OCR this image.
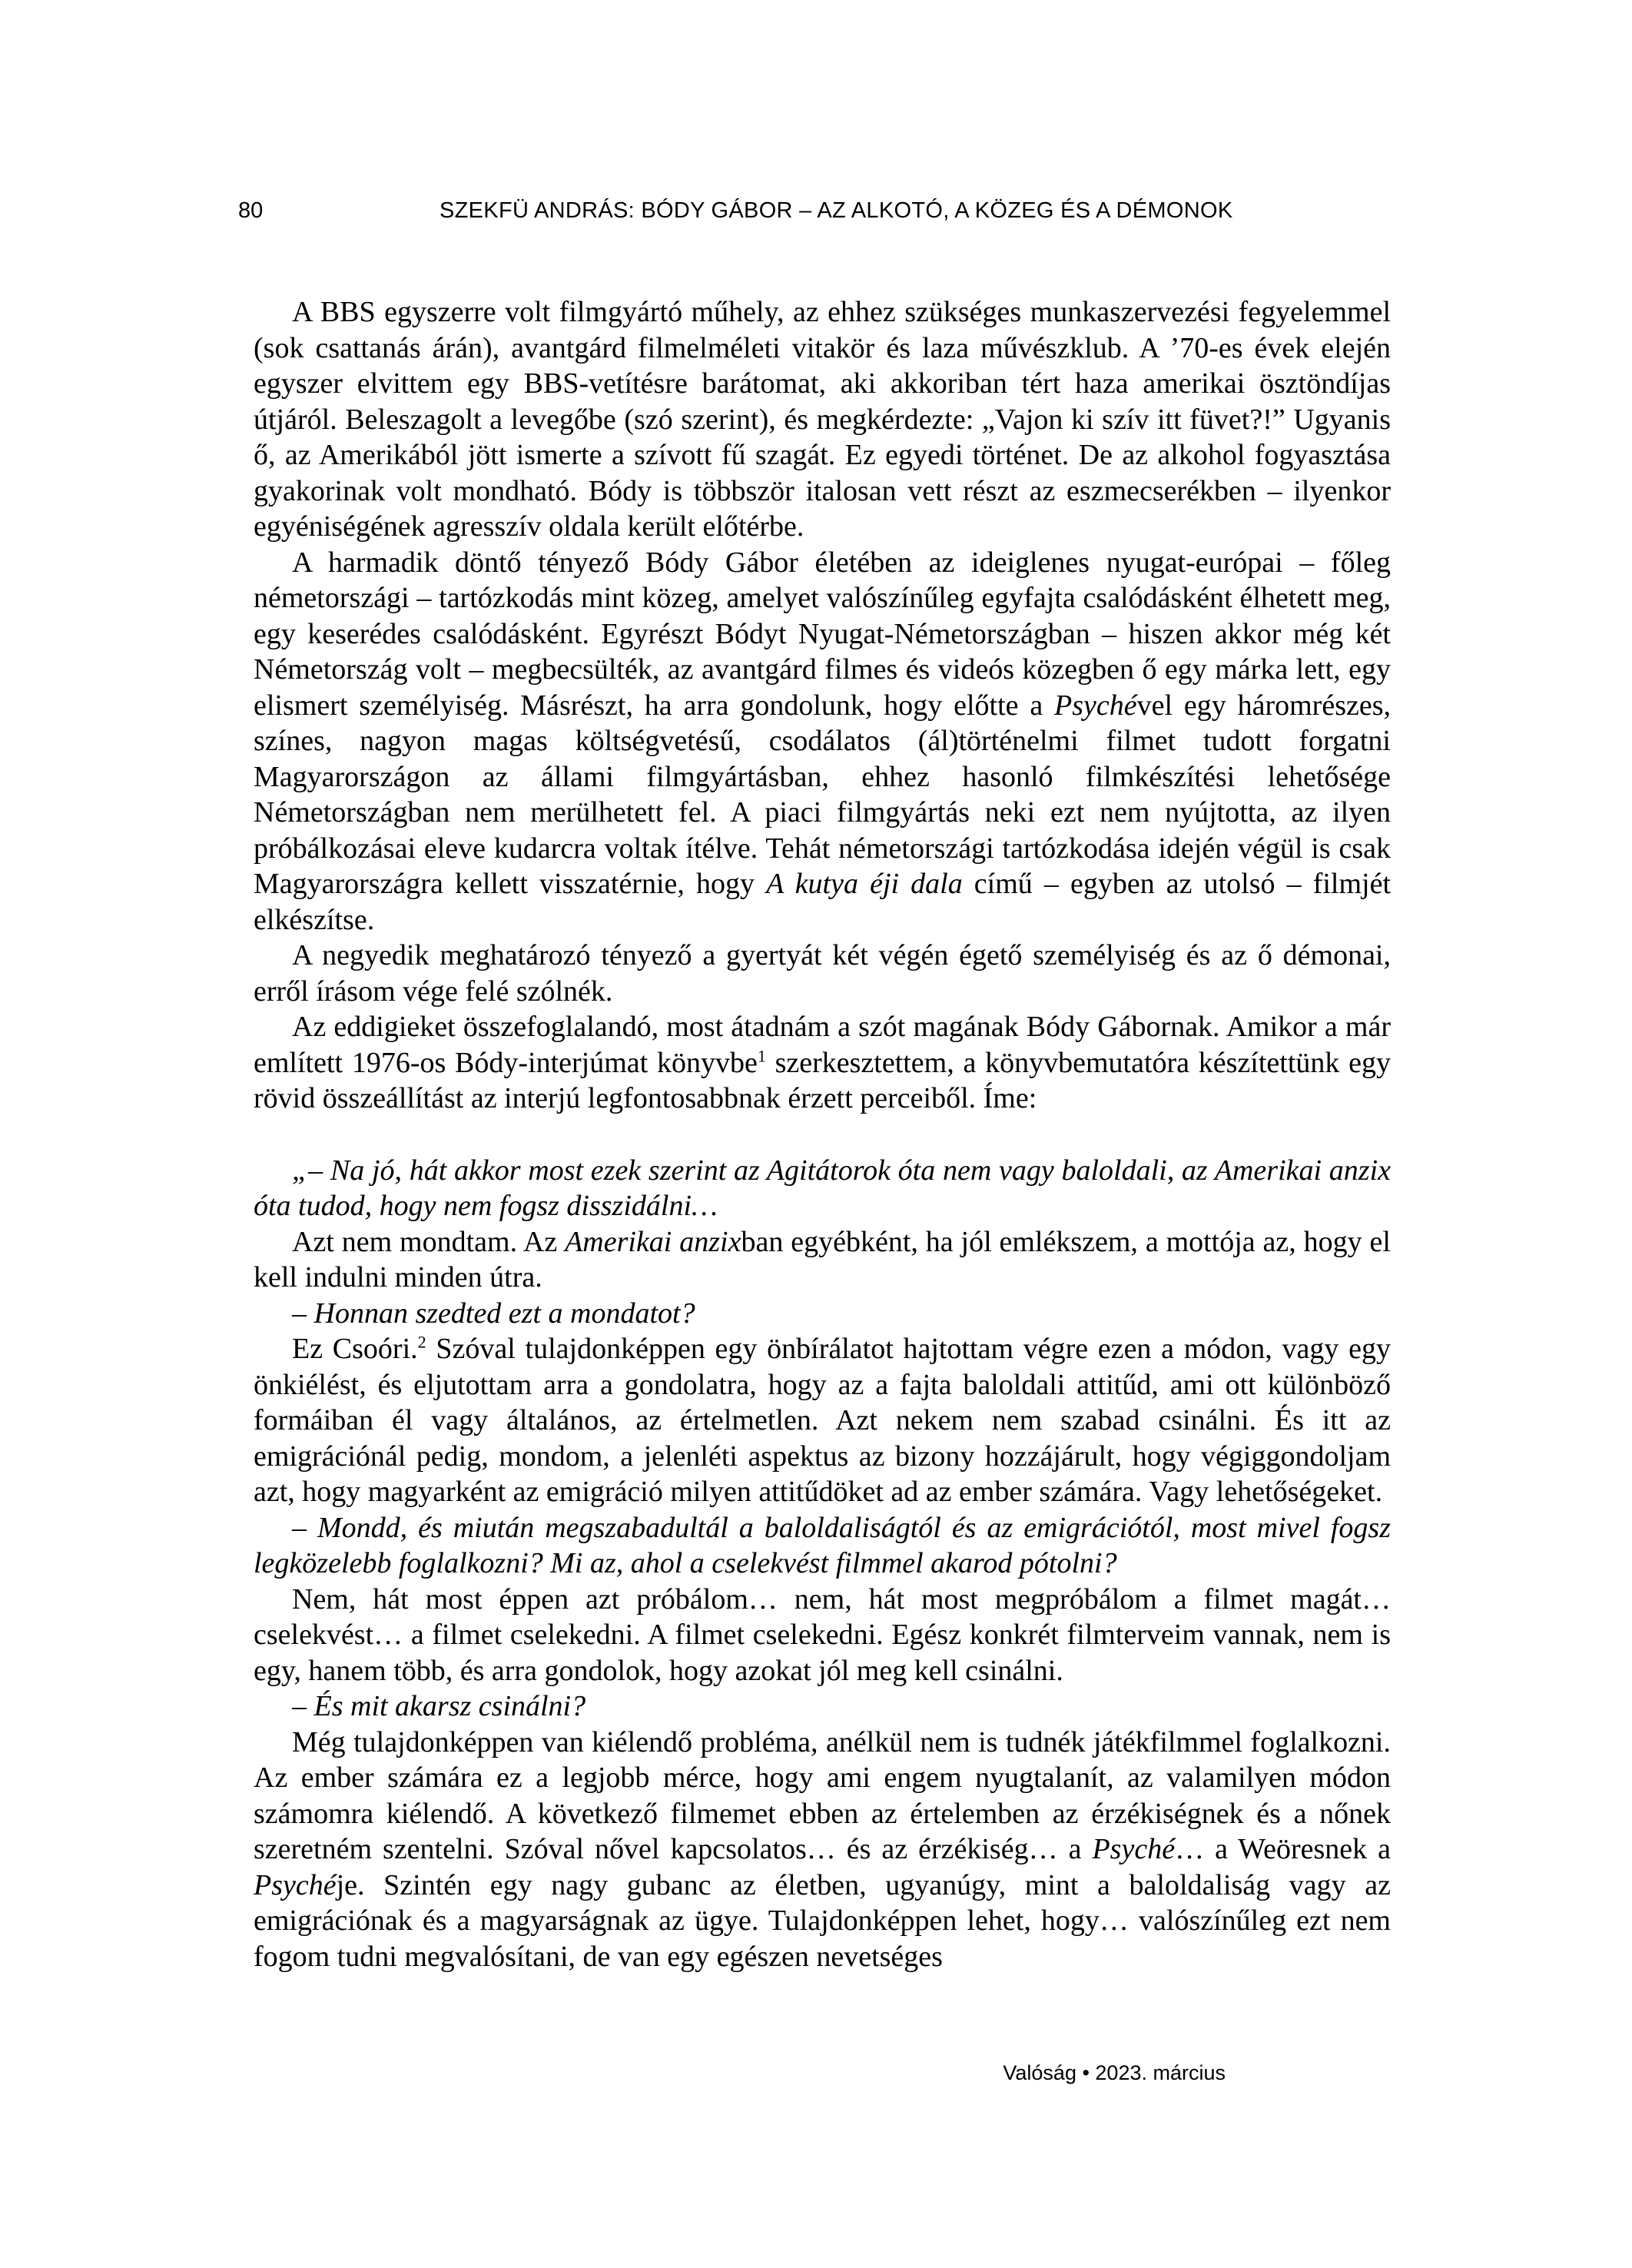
80	SZEKFÜ ANDRÁS: BÓDY GÁBOR – AZ ALKOTÓ, A KÖZEG ÉS A DÉMONOK

A BBS egyszerre volt filmgyártó műhely, az ehhez szükséges munkaszervezési fegyelemmel (sok csattanás árán), avantgárd filmelméleti vitakör és laza művészklub. A ’70-es évek elején egyszer elvittem egy BBS-vetítésre barátomat, aki akkoriban tért haza amerikai ösztöndíjas útjáról. Beleszagolt a levegőbe (szó szerint), és megkérdezte: „Vajon ki szív itt füvet?!” Ugyanis ő, az Amerikából jött ismerte a szívott fű szagát. Ez egyedi történet. De az alkohol fogyasztása gyakorinak volt mondható. Bódy is többször italosan vett részt az eszmecserékben – ilyenkor egyéniségének agresszív oldala került előtérbe.

A harmadik döntő tényező Bódy Gábor életében az ideiglenes nyugat-európai – főleg németországi – tartózkodás mint közeg, amelyet valószínűleg egyfajta csalódásként élhetett meg, egy keserédes csalódásként. Egyrészt Bódyt Nyugat-Németországban – hiszen akkor még két Németország volt – megbecsülték, az avantgárd filmes és videós közegben ő egy márka lett, egy elismert személyiség. Másrészt, ha arra gondolunk, hogy előtte a Psychével egy háromrészes, színes, nagyon magas költségvetésű, csodálatos (ál)történelmi filmet tudott forgatni Magyarországon az állami filmgyártásban, ehhez hasonló filmkészítési lehetősége Németországban nem merülhetett fel. A piaci filmgyártás neki ezt nem nyújtotta, az ilyen próbálkozásai eleve kudarcra voltak ítélve. Tehát németországi tartózkodása idején végül is csak Magyarországra kellett visszatérnie, hogy A kutya éji dala című – egyben az utolsó – filmjét elkészítse.

A negyedik meghatározó tényező a gyertyát két végén égető személyiség és az ő démonai, erről írásom vége felé szólnék.

Az eddigieket összefoglalandó, most átadnám a szót magának Bódy Gábornak. Amikor a már említett 1976-os Bódy-interjúmat könyvbe$^1$ szerkesztettem, a könyvbemutatóra készítettünk egy rövid összeállítást az interjú legfontosabbnak érzett perceiből. Íme:

„– Na jó, hát akkor most ezek szerint az Agitátorok óta nem vagy baloldali, az Amerikai anzix óta tudod, hogy nem fogsz disszidálni…

Azt nem mondtam. Az Amerikai anzixban egyébként, ha jól emlékszem, a mottója az, hogy el kell indulni minden útra.

– Honnan szedted ezt a mondatot?

Ez Csoóri.$^2$ Szóval tulajdonképpen egy önbírálatot hajtottam végre ezen a módon, vagy egy önkiélést, és eljutottam arra a gondolatra, hogy az a fajta baloldali attitűd, ami ott különböző formáiban él vagy általános, az értelmetlen. Azt nekem nem szabad csinálni. És itt az emigrációnál pedig, mondom, a jelenléti aspektus az bizony hozzájárult, hogy végiggondoljam azt, hogy magyarként az emigráció milyen attitűdöket ad az ember számára. Vagy lehetőségeket.

– Mondd, és miután megszabadultál a baloldaliságtól és az emigrációtól, most mivel fogsz legközelebb foglalkozni? Mi az, ahol a cselekvést filmmel akarod pótolni?

Nem, hát most éppen azt próbálom… nem, hát most megpróbálom a filmet magát… cselekvést… a filmet cselekedni. A filmet cselekedni. Egész konkrét filmterveim vannak, nem is egy, hanem több, és arra gondolok, hogy azokat jól meg kell csinálni.

– És mit akarsz csinálni?

Még tulajdonképpen van kiélendő probléma, anélkül nem is tudnék játékfilmmel foglalkozni. Az ember számára ez a legjobb mérce, hogy ami engem nyugtalanít, az valamilyen módon számomra kiélendő. A következő filmemet ebben az értelemben az érzékiségnek és a nőnek szeretném szentelni. Szóval nővel kapcsolatos… és az érzékiség… a Psyché… a Weöresnek a Psychéje. Szintén egy nagy gubanc az életben, ugyanúgy, mint a baloldaliság vagy az emigrációnak és a magyarságnak az ügye. Tulajdonképpen lehet, hogy… valószínűleg ezt nem fogom tudni megvalósítani, de van egy egészen nevetséges

Valóság • 2023. március
